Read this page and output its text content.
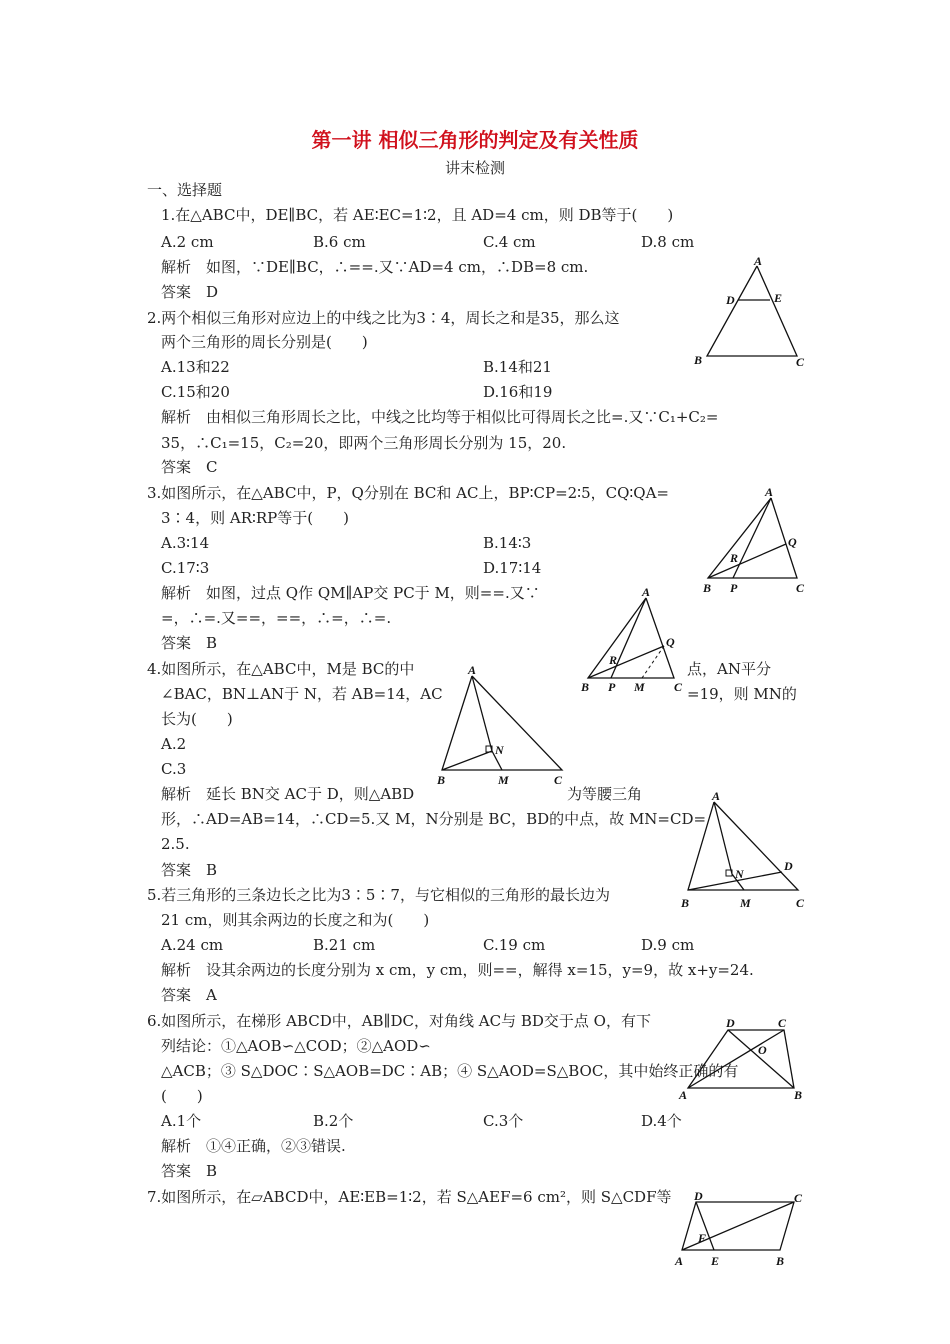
第一讲 相似三角形的判定及有关性质
讲末检测
一、选择题
1.在△ABC中，DE∥BC，若 AE∶EC=1∶2，且 AD=4 cm，则 DB等于(　　)
A.2 cm	B.6 cm	C.4 cm	D.8 cm
解析　如图，∵DE∥BC，∴==.又∵AD=4 cm，∴DB=8 cm.
答案　D
2.两个相似三角形对应边上的中线之比为3∶4，周长之和是35，那么这
两个三角形的周长分别是(　　)
A.13和22	B.14和21
C.15和20	D.16和19
解析　由相似三角形周长之比，中线之比均等于相似比可得周长之比=.又∵C₁+C₂=
35，∴C₁=15，C₂=20，即两个三角形周长分别为 15，20.
答案　C
3.如图所示，在△ABC中，P，Q分别在 BC和 AC上，BP∶CP=2∶5，CQ∶QA=
3∶4，则 AR∶RP等于(　　)
A.3∶14	B.14∶3
C.17∶3	D.17∶14
解析　如图，过点 Q作 QM∥AP交 PC于 M，则==.又∵
=，∴=.又==，==，∴=，∴=.
答案　B
4.如图所示，在△ABC中，M是 BC的中	点，AN平分
∠BAC，BN⊥AN于 N，若 AB=14，AC	=19，则 MN的
长为(　　)
A.2
C.3
解析　延长 BN交 AC于 D，则△ABD	为等腰三角
形，∴AD=AB=14，∴CD=5.又 M，N分别是 BC，BD的中点，故 MN=CD=
2.5.
答案　B
5.若三角形的三条边长之比为3∶5∶7，与它相似的三角形的最长边为
21 cm，则其余两边的长度之和为(　　)
A.24 cm	B.21 cm	C.19 cm	D.9 cm
解析　设其余两边的长度分别为 x cm，y cm，则==，解得 x=15，y=9，故 x+y=24.
答案　A
6.如图所示，在梯形 ABCD中，AB∥DC，对角线 AC与 BD交于点 O，有下
列结论：①△AOB∽△COD；②△AOD∽
△ACB；③ S△DOC∶S△AOB=DC∶AB；④ S△AOD=S△BOC，其中始终正确的有
(　　)
A.1个	B.2个	C.3个	D.4个
解析　①④正确，②③错误.
答案　B
7.如图所示，在▱ABCD中，AE∶EB=1∶2，若 S△AEF=6 cm²，则 S△CDF等
A
D	E
B	C
A
Q
R
B P	C
A
Q
R
B P M C
A
N
B	M	C
A
N
D
B	M	C
D	C
O
A	B
D	C
F
A E	B
